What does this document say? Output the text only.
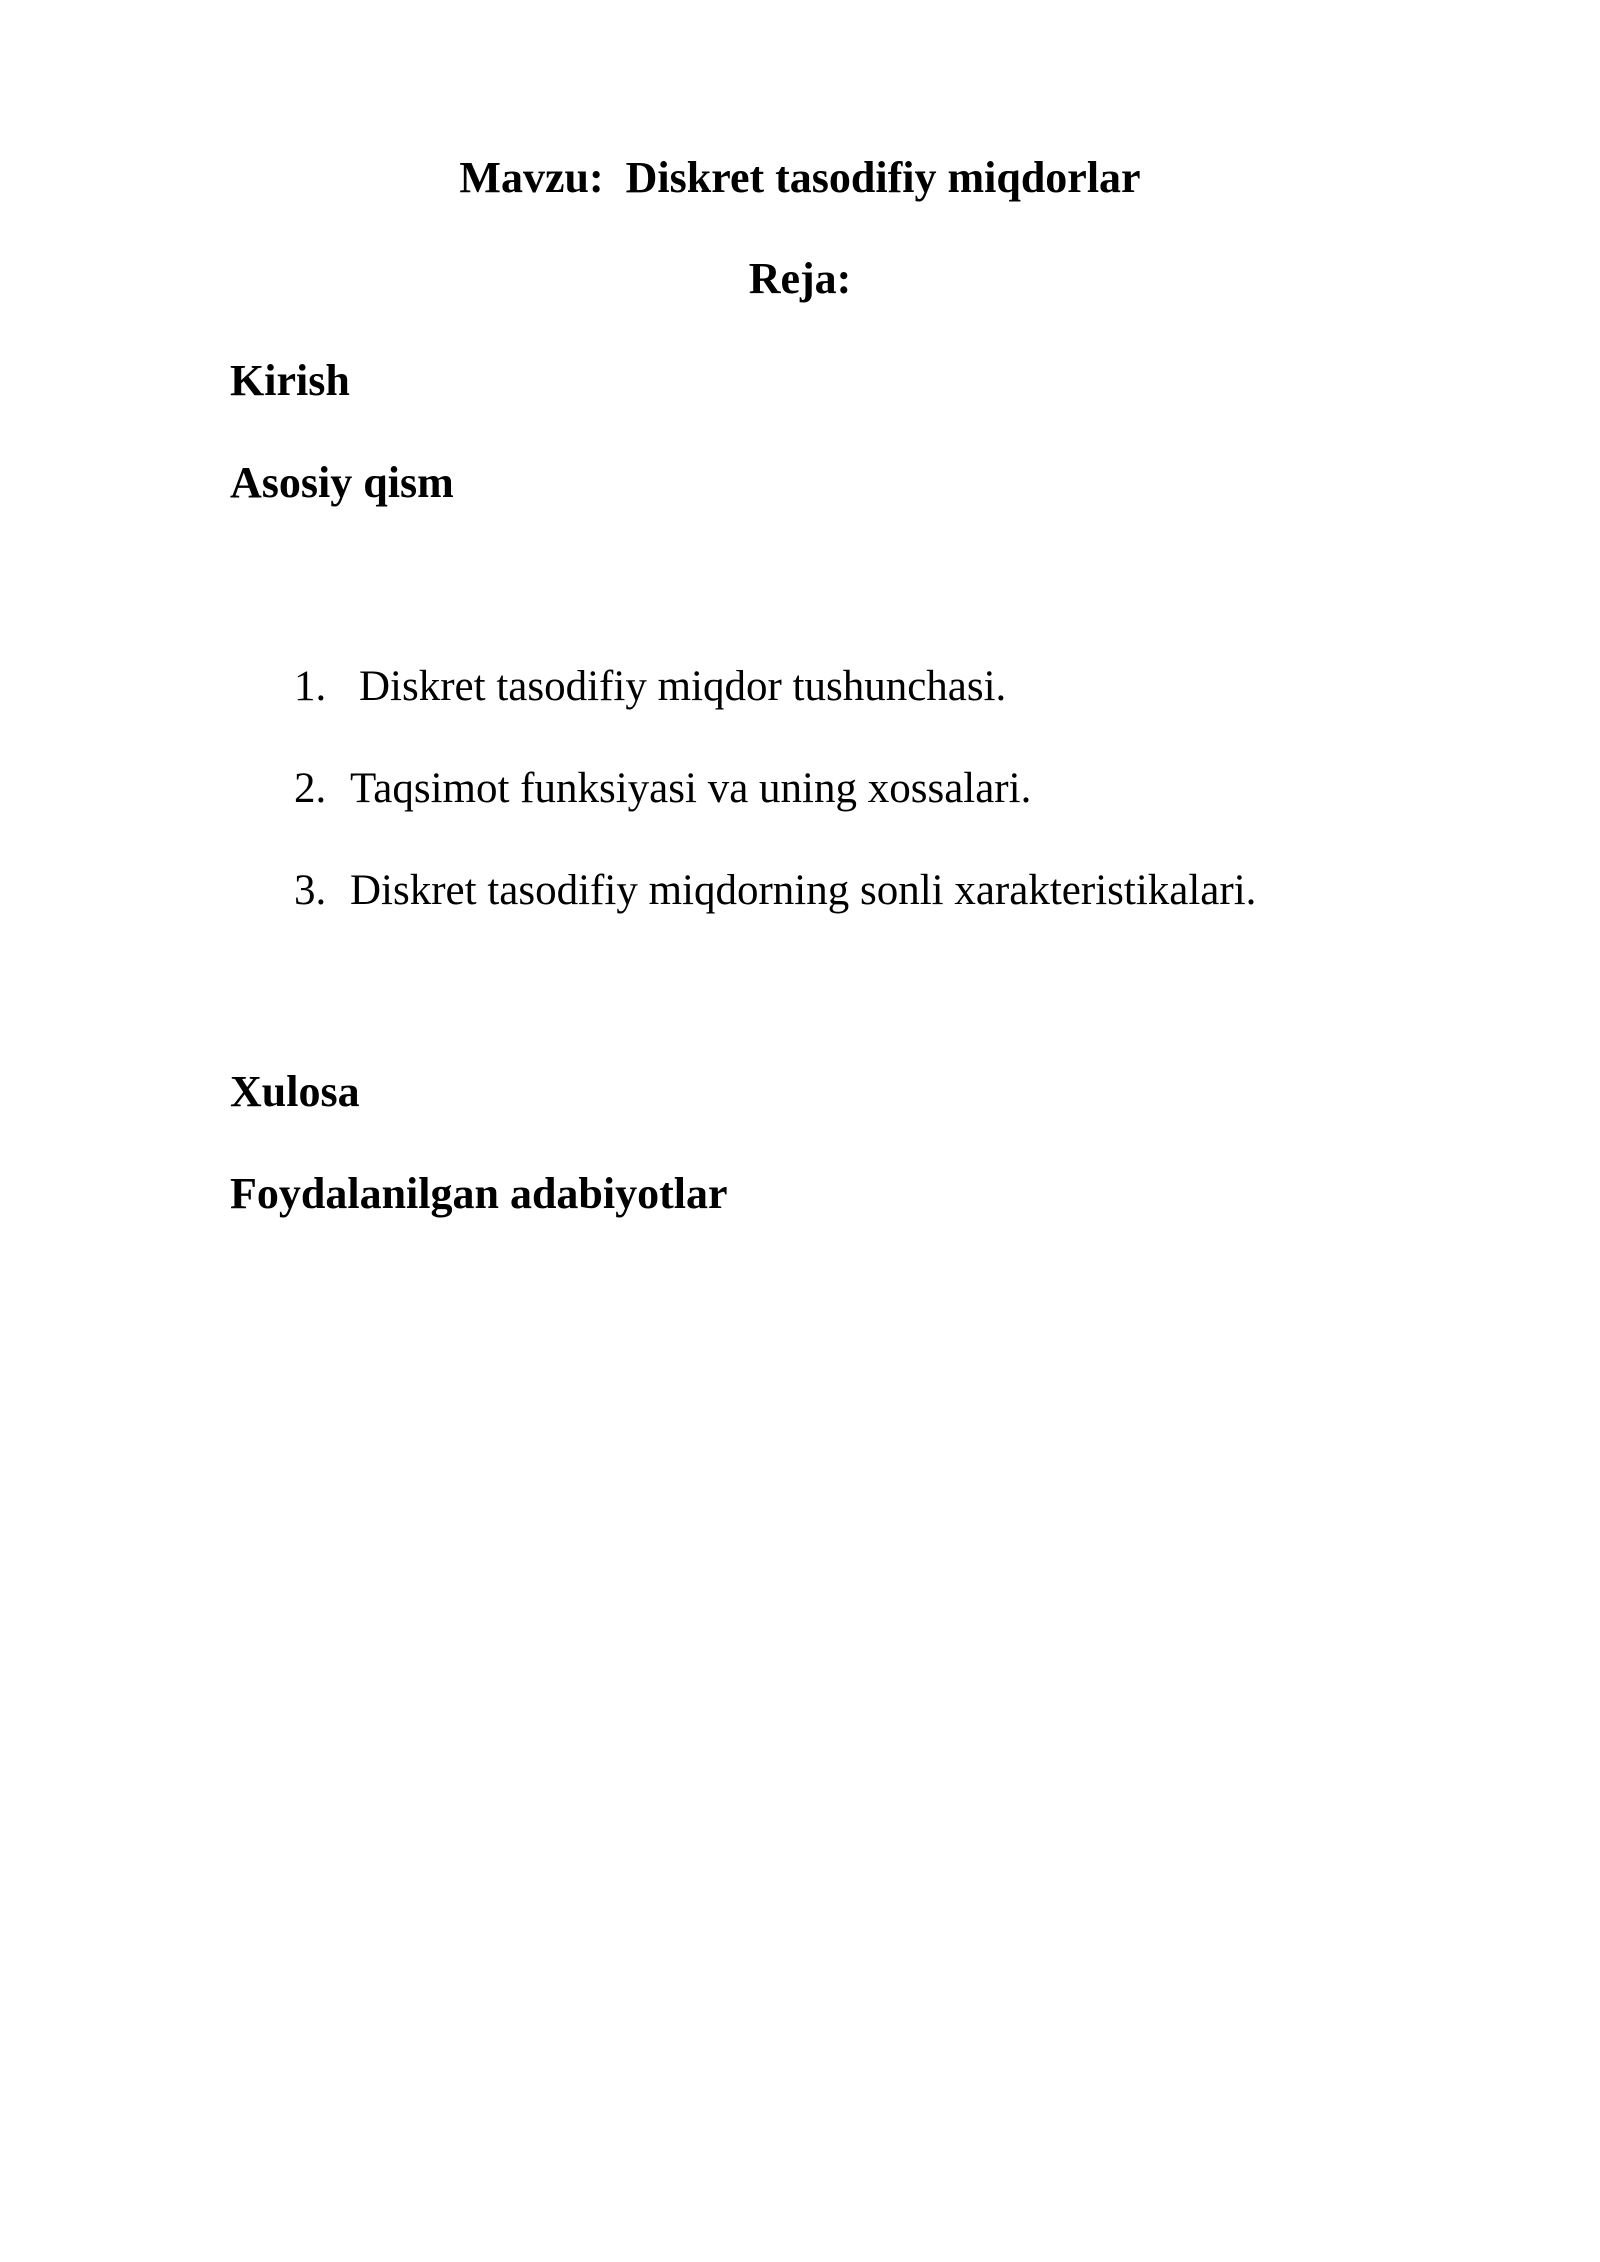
Mavzu: Diskret tasodifiy miqdorlar
Reja:
Kirish
Asosiy qism
1. Diskret tasodifiy miqdor tushunchasi.
2. Taqsimot funksiyasi va uning xossalari.
3. Diskret tasodifiy miqdorning sonli xarakteristikalari.
Xulosa
Foydalanilgan adabiyotlar
